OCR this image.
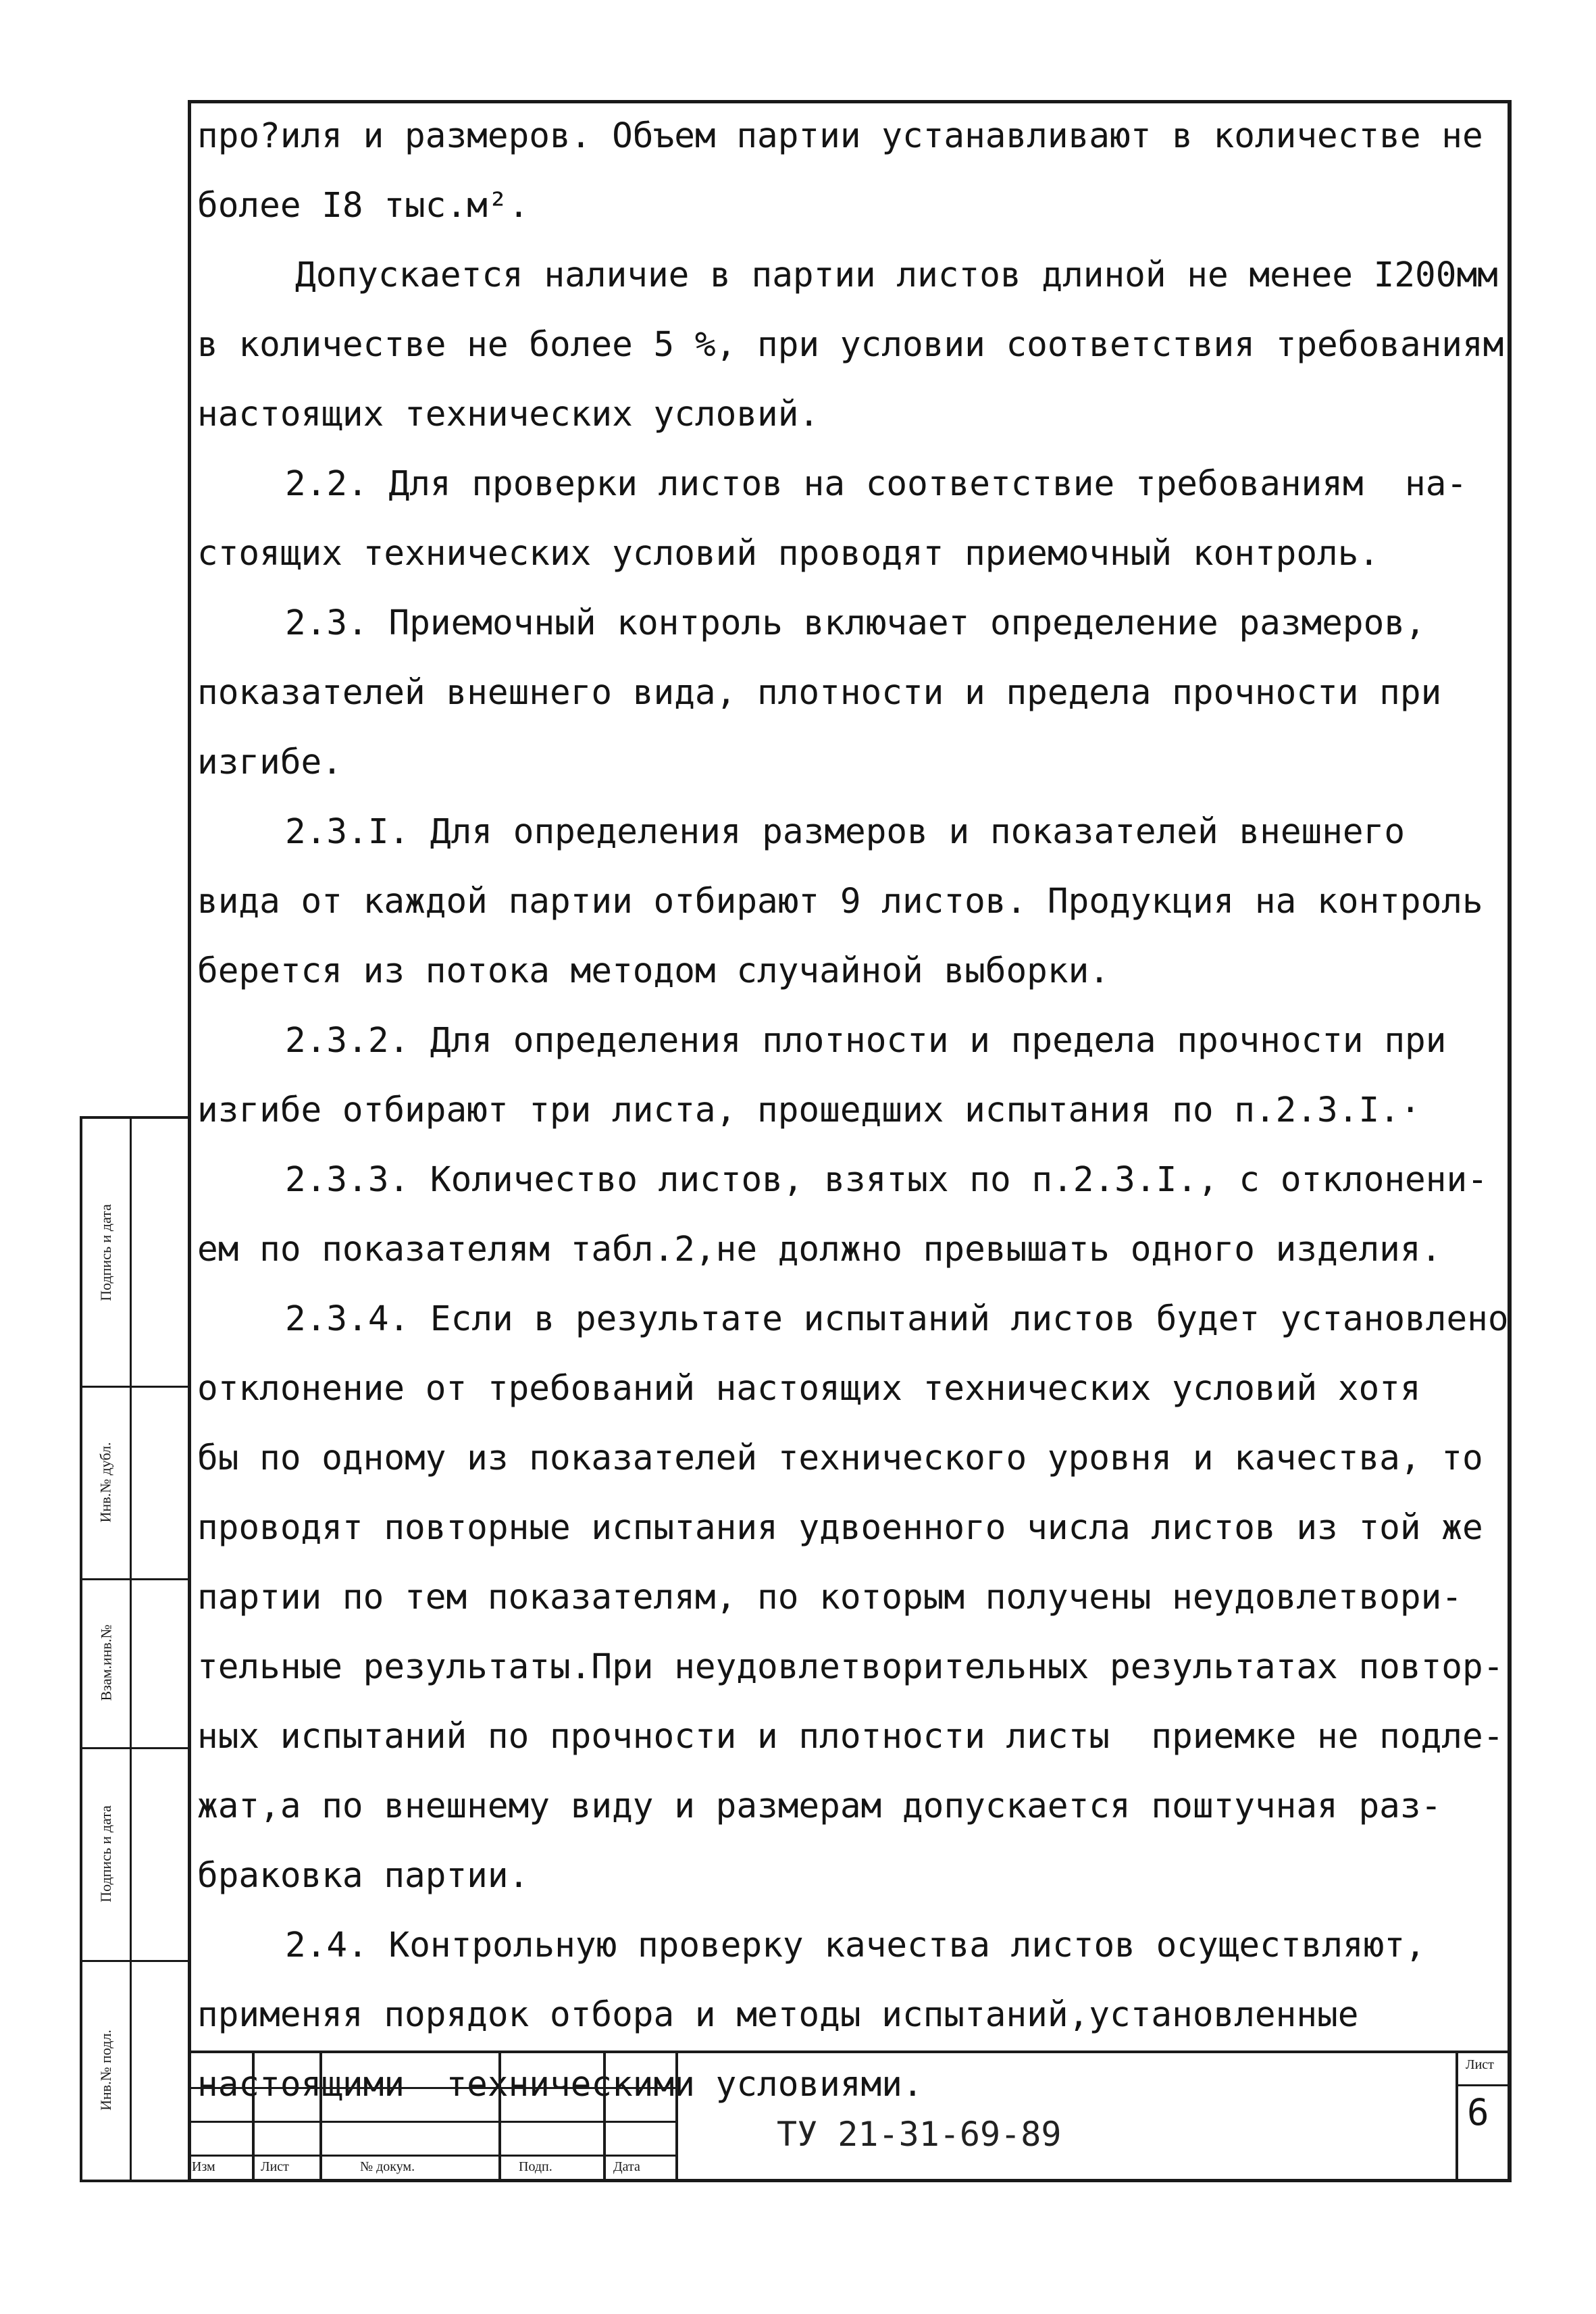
про?иля и размеров. Объем партии устанавливают в количестве не

более I8 тыс.м².

Допускается наличие в партии листов длиной не менее I200мм

в количестве не более 5 %, при условии соответствия требованиям

настоящих технических условий.

2.2. Для проверки листов на соответствие требованиям  на-

стоящих технических условий проводят приемочный контроль.

2.3. Приемочный контроль включает определение размеров,

показателей внешнего вида, плотности и предела прочности при

изгибе.

2.3.I. Для определения размеров и показателей внешнего

вида от каждой партии отбирают 9 листов. Продукция на контроль

берется из потока методом случайной выборки.

2.3.2. Для определения плотности и предела прочности при

изгибе отбирают три листа, прошедших испытания по п.2.3.I.·

2.3.3. Количество листов, взятых по п.2.3.I., с отклонени-

ем по показателям табл.2,не должно превышать одного изделия.

2.3.4. Если в результате испытаний листов будет установлено

отклонение от требований настоящих технических условий хотя

бы по одному из показателей технического уровня и качества, то

проводят повторные испытания удвоенного числа листов из той же

партии по тем показателям, по которым получены неудовлетвори-

тельные результаты.При неудовлетворительных результатах повтор-

ных испытаний по прочности и плотности листы  приемке не подле-

жат,а по внешнему виду и размерам допускается поштучная раз-

браковка партии.

2.4. Контрольную проверку качества листов осуществляют,

применяя порядок отбора и методы испытаний,установленные

настоящими  техническими условиями.

Подпись и дата
Инв.№ дубл.
Взам.инв.№
Подпись и дата
Инв.№ подл.
Изм	Лист	№ докум.	Подп.	Дата
ТУ 21-31-69-89
Лист
6
